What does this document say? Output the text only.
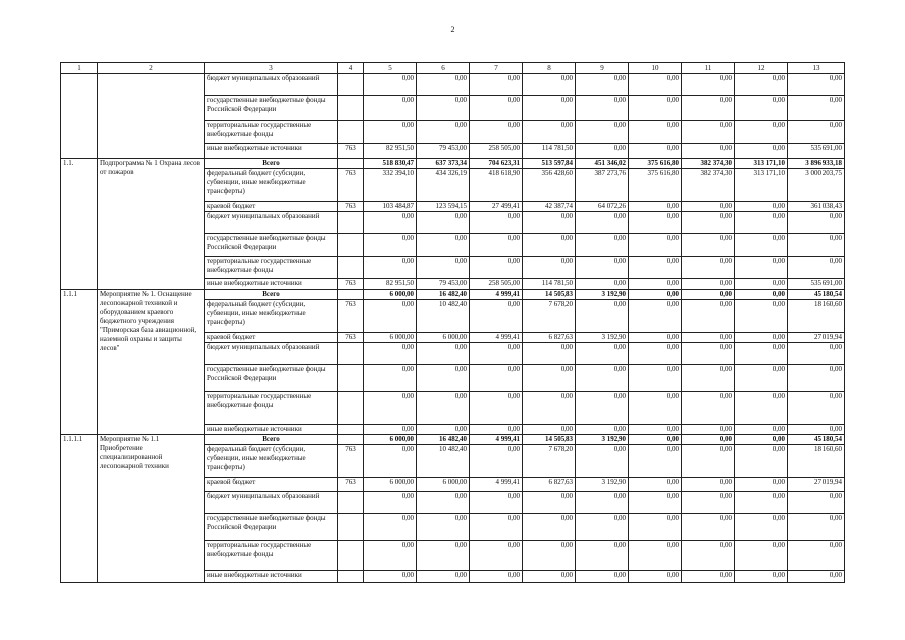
2
1	2	3	4	5	6	7	8	9	10	11	12	13
		бюджет муниципальных образований		0,00	0,00	0,00	0,00	0,00	0,00	0,00	0,00	0,00
		государственные внебюджетные фонды Российской Федерации		0,00	0,00	0,00	0,00	0,00	0,00	0,00	0,00	0,00
		территориальные государственные внебюджетные фонды		0,00	0,00	0,00	0,00	0,00	0,00	0,00	0,00	0,00
		иные внебюджетные источники	763	82 951,50	79 453,00	258 505,00	114 781,50	0,00	0,00	0,00	0,00	535 691,00
1.1.	Подпрограмма № 1 Охрана лесов от пожаров	Всего		518 830,47	637 373,34	704 623,31	513 597,84	451 346,02	375 616,80	382 374,30	313 171,10	3 896 933,18
		федеральный бюджет (субсидии, субвенции, иные межбюджетные трансферты)	763	332 394,10	434 326,19	418 618,90	356 428,60	387 273,76	375 616,80	382 374,30	313 171,10	3 000 203,75
		краевой бюджет	763	103 484,87	123 594,15	27 499,41	42 387,74	64 072,26	0,00	0,00	0,00	361 038,43
		бюджет муниципальных образований		0,00	0,00	0,00	0,00	0,00	0,00	0,00	0,00	0,00
		государственные внебюджетные фонды Российской Федерации		0,00	0,00	0,00	0,00	0,00	0,00	0,00	0,00	0,00
		территориальные государственные внебюджетные фонды		0,00	0,00	0,00	0,00	0,00	0,00	0,00	0,00	0,00
		иные внебюджетные источники	763	82 951,50	79 453,00	258 505,00	114 781,50	0,00	0,00	0,00	0,00	535 691,00
1.1.1	Мероприятие № 1. Оснащение лесопожарной техникой и оборудованием краевого бюджетного учреждения "Приморская база авиационной, наземной охраны и защиты лесов"	Всего		6 000,00	16 482,40	4 999,41	14 505,83	3 192,90	0,00	0,00	0,00	45 180,54
		федеральный бюджет (субсидии, субвенции, иные межбюджетные трансферты)	763	0,00	10 482,40	0,00	7 678,20	0,00	0,00	0,00	0,00	18 160,60
		краевой бюджет	763	6 000,00	6 000,00	4 999,41	6 827,63	3 192,90	0,00	0,00	0,00	27 019,94
		бюджет муниципальных образований		0,00	0,00	0,00	0,00	0,00	0,00	0,00	0,00	0,00
		государственные внебюджетные фонды Российской Федерации		0,00	0,00	0,00	0,00	0,00	0,00	0,00	0,00	0,00
		территориальные государственные внебюджетные фонды		0,00	0,00	0,00	0,00	0,00	0,00	0,00	0,00	0,00
		иные внебюджетные источники		0,00	0,00	0,00	0,00	0,00	0,00	0,00	0,00	0,00
1.1.1.1	Мероприятие № 1.1 Приобретение специализированной лесопожарной техники	Всего		6 000,00	16 482,40	4 999,41	14 505,83	3 192,90	0,00	0,00	0,00	45 180,54
		федеральный бюджет (субсидии, субвенции, иные межбюджетные трансферты)	763	0,00	10 482,40	0,00	7 678,20	0,00	0,00	0,00	0,00	18 160,60
		краевой бюджет	763	6 000,00	6 000,00	4 999,41	6 827,63	3 192,90	0,00	0,00	0,00	27 019,94
		бюджет муниципальных образований		0,00	0,00	0,00	0,00	0,00	0,00	0,00	0,00	0,00
		государственные внебюджетные фонды Российской Федерации		0,00	0,00	0,00	0,00	0,00	0,00	0,00	0,00	0,00
		территориальные государственные внебюджетные фонды		0,00	0,00	0,00	0,00	0,00	0,00	0,00	0,00	0,00
		иные внебюджетные источники		0,00	0,00	0,00	0,00	0,00	0,00	0,00	0,00	0,00
